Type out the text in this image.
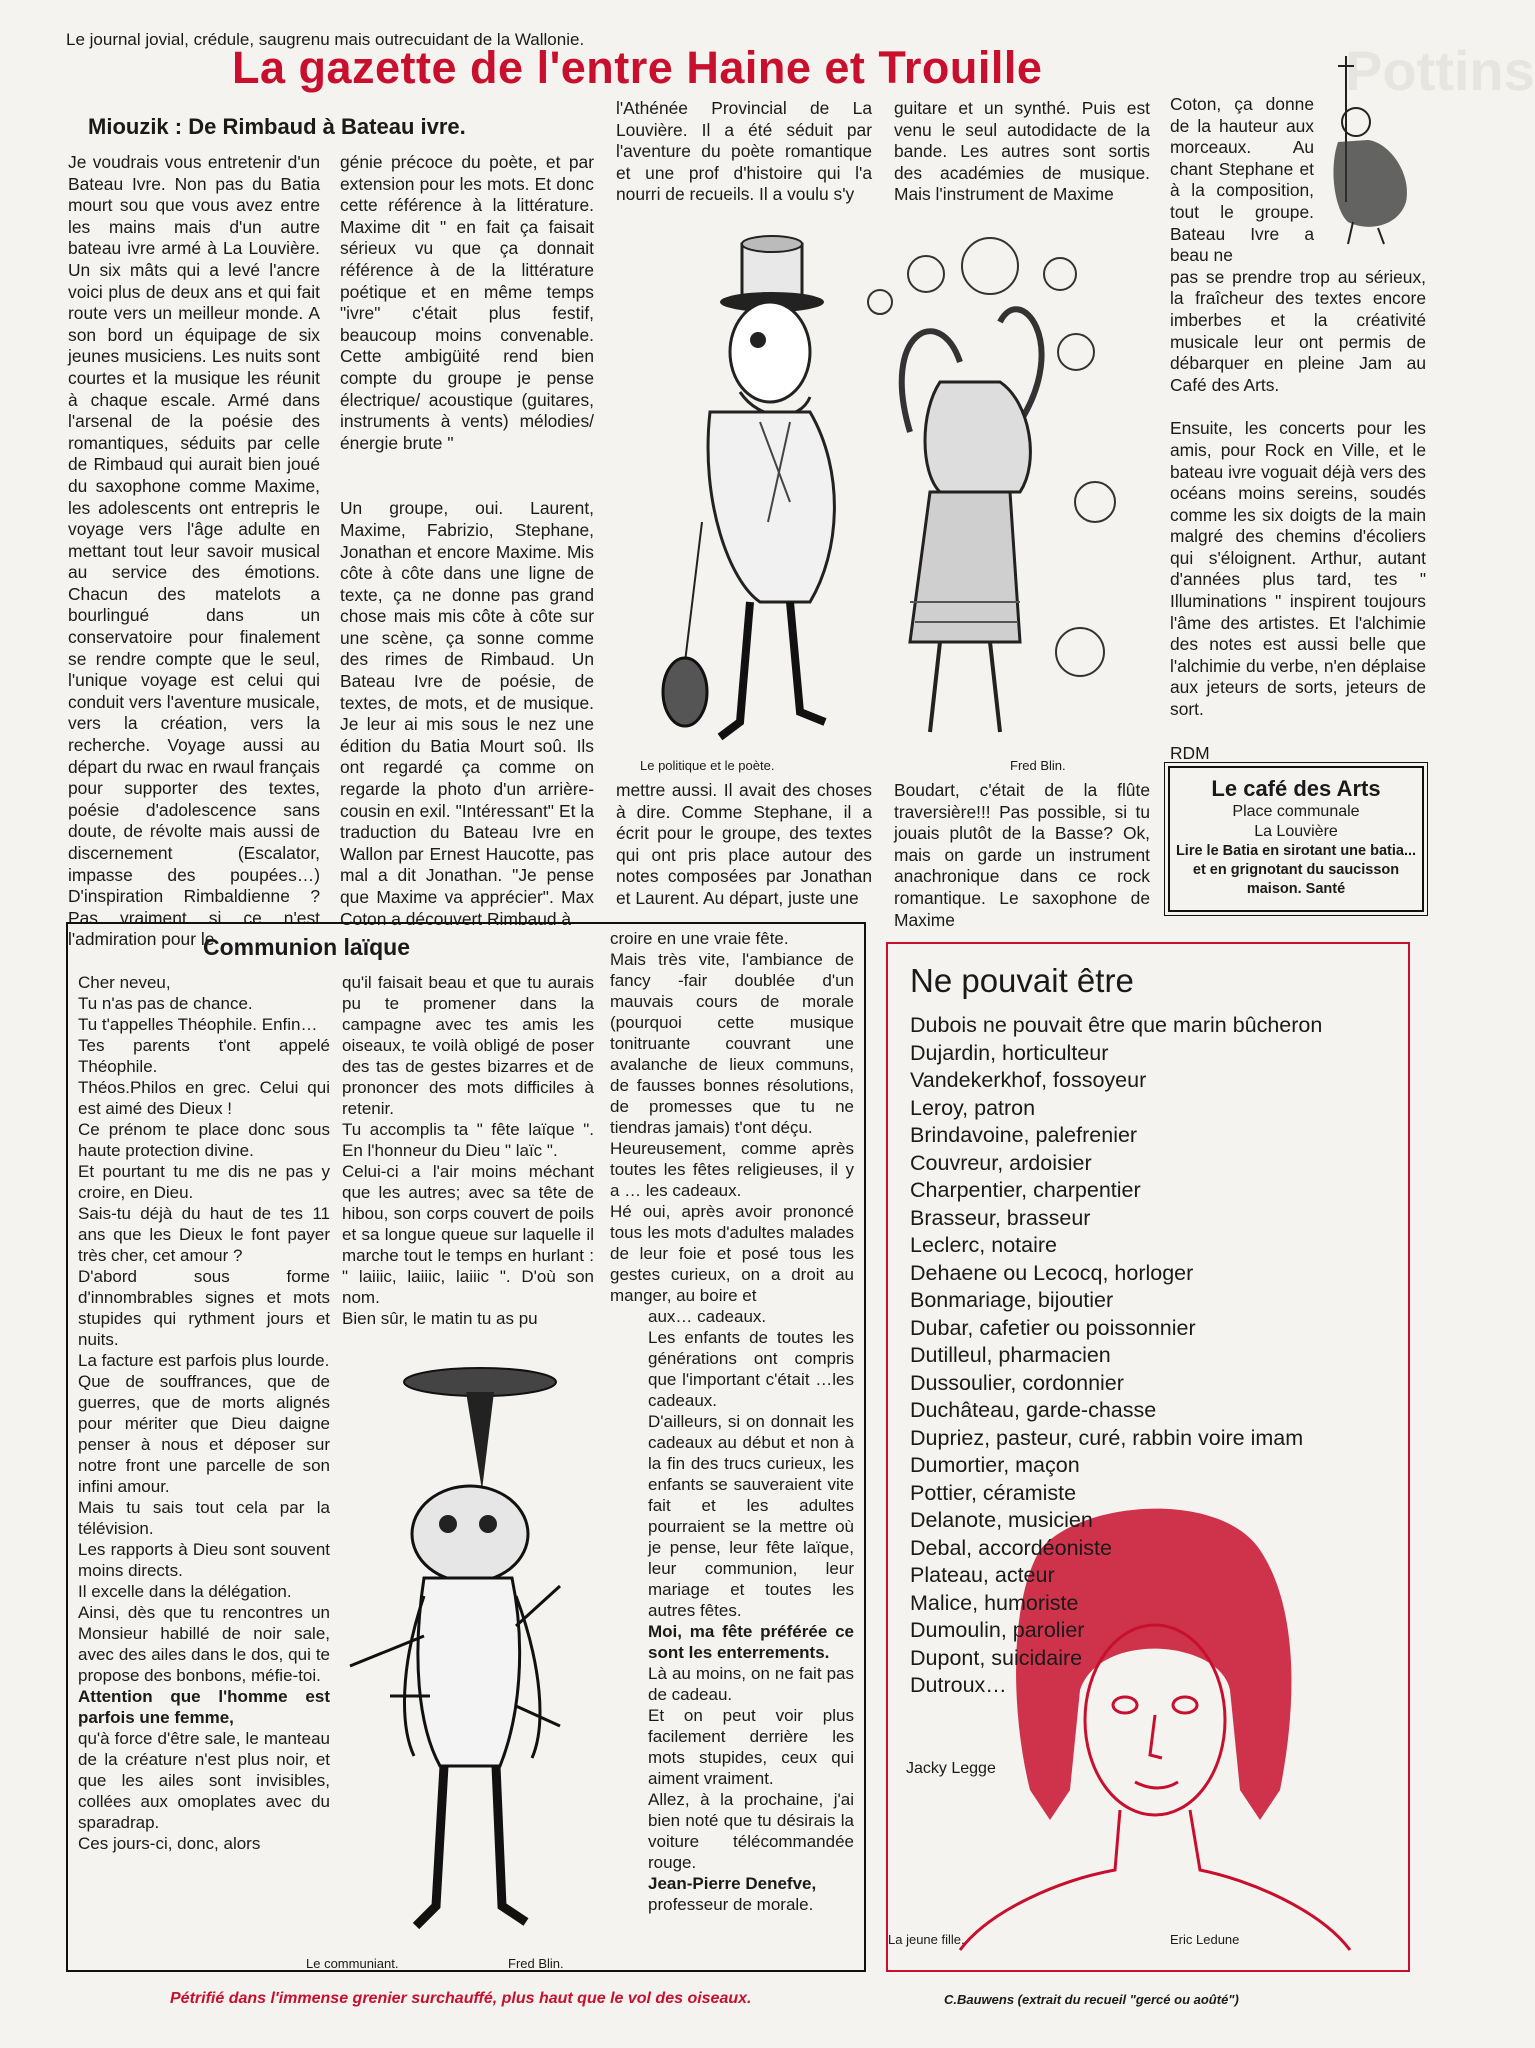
Le journal jovial, crédule, saugrenu mais outrecuidant de la Wallonie.	Pottins
La gazette de l'entre Haine et Trouille
Miouzik : De Rimbaud à Bateau ivre.

Je voudrais vous entretenir d'un Bateau Ivre. Non pas du Batia mourt sou que vous avez entre les mains mais d'un autre bateau ivre armé à La Louvière. Un six mâts qui a levé l'ancre voici plus de deux ans et qui fait route vers un meilleur monde. A son bord un équipage de six jeunes musiciens. Les nuits sont courtes et la musique les réunit à chaque escale. Armé dans l'arsenal de la poésie des romantiques, séduits par celle de Rimbaud qui aurait bien joué du saxophone comme Maxime, les adolescents ont entrepris le voyage vers l'âge adulte en mettant tout leur savoir musical au service des émotions. Chacun des matelots a bourlingué dans un conservatoire pour finalement se rendre compte que le seul, l'unique voyage est celui qui conduit vers l'aventure musicale, vers la création, vers la recherche. Voyage aussi au départ du rwac en rwaul français pour supporter des textes, poésie d'adolescence sans doute, de révolte mais aussi de discernement (Escalator, impasse des poupées…) D'inspiration Rimbaldienne ? Pas vraiment si ce n'est l'admiration pour le

génie précoce du poète, et par extension pour les mots. Et donc cette référence à la littérature. Maxime dit " en fait ça faisait sérieux vu que ça donnait référence à de la littérature poétique et en même temps "ivre" c'était plus festif, beaucoup moins convenable. Cette ambigüité rend bien compte du groupe je pense électrique/ acoustique (guitares, instruments à vents) mélodies/énergie brute "

Un groupe, oui. Laurent, Maxime, Fabrizio, Stephane, Jonathan et encore Maxime. Mis côte à côte dans une ligne de texte, ça ne donne pas grand chose mais mis côte à côte sur une scène, ça sonne comme des rimes de Rimbaud. Un Bateau Ivre de poésie, de textes, de mots, et de musique. Je leur ai mis sous le nez une édition du Batia Mourt soû. Ils ont regardé ça comme on regarde la photo d'un arrière-cousin en exil. "Intéressant" Et la traduction du Bateau Ivre en Wallon par Ernest Haucotte, pas mal a dit Jonathan. "Je pense que Maxime va apprécier". Max Coton a découvert Rimbaud à

l'Athénée Provincial de La Louvière. Il a été séduit par l'aventure du poète romantique et une prof d'histoire qui l'a nourri de recueils. Il a voulu s'y

guitare et un synthé. Puis est venu le seul autodidacte de la bande. Les autres sont sortis des académies de musique. Mais l'instrument de Maxime

Coton, ça donne de la hauteur aux morceaux. Au chant Stephane et à la composition, tout le groupe. Bateau Ivre a beau ne

pas se prendre trop au sérieux, la fraîcheur des textes encore imberbes et la créativité musicale leur ont permis de débarquer en pleine Jam au Café des Arts.

Ensuite, les concerts pour les amis, pour Rock en Ville, et le bateau ivre voguait déjà vers des océans moins sereins, soudés comme les six doigts de la main malgré des chemins d'écoliers qui s'éloignent. Arthur, autant d'années plus tard, tes " Illuminations " inspirent toujours l'âme des artistes. Et l'alchimie des notes est aussi belle que l'alchimie du verbe, n'en déplaise aux jeteurs de sorts, jeteurs de sort.

RDM

Le politique et le poète.	Fred Blin.

mettre aussi. Il avait des choses à dire. Comme Stephane, il a écrit pour le groupe, des textes qui ont pris place autour des notes composées par Jonathan et Laurent. Au départ, juste une

Boudart, c'était de la flûte traversière!!! Pas possible, si tu jouais plutôt de la Basse? Ok, mais on garde un instrument anachronique dans ce rock romantique. Le saxophone de Maxime

Le café des Arts
Place communale
La Louvière
Lire le Batia en sirotant une batia... et en grignotant du saucisson maison. Santé
Communion laïque

Cher neveu,

Tu n'as pas de chance.

Tu t'appelles Théophile. Enfin…

Tes parents t'ont appelé Théophile.

Théos.Philos en grec. Celui qui est aimé des Dieux !

Ce prénom te place donc sous haute protection divine.

Et pourtant tu me dis ne pas y croire, en Dieu.

Sais-tu déjà du haut de tes 11 ans que les Dieux le font payer très cher, cet amour ?

D'abord sous forme d'innombrables signes et mots stupides qui rythment jours et nuits.

La facture est parfois plus lourde.

Que de souffrances, que de guerres, que de morts alignés pour mériter que Dieu daigne penser à nous et déposer sur notre front une parcelle de son infini amour.

Mais tu sais tout cela par la télévision.

Les rapports à Dieu sont souvent moins directs.

Il excelle dans la délégation.

Ainsi, dès que tu rencontres un Monsieur habillé de noir sale, avec des ailes dans le dos, qui te propose des bonbons, méfie-toi.

Attention que l'homme est parfois une femme,

qu'à force d'être sale, le manteau de la créature n'est plus noir, et que les ailes sont invisibles, collées aux omoplates avec du sparadrap.

Ces jours-ci, donc, alors

qu'il faisait beau et que tu aurais pu te promener dans la campagne avec tes amis les oiseaux, te voilà obligé de poser des tas de gestes bizarres et de prononcer des mots difficiles à retenir.

Tu accomplis ta " fête laïque ". En l'honneur du Dieu " laïc ".

Celui-ci a l'air moins méchant que les autres; avec sa tête de hibou, son corps couvert de poils et sa longue queue sur laquelle il marche tout le temps en hurlant : " laiiic, laiiic, laiiic ". D'où son nom.

Bien sûr, le matin tu as pu

Le communiant.	Fred Blin.

croire en une vraie fête.

Mais très vite, l'ambiance de fancy -fair doublée d'un mauvais cours de morale (pourquoi cette musique tonitruante couvrant une avalanche de lieux communs, de fausses bonnes résolutions, de promesses que tu ne tiendras jamais) t'ont déçu.

Heureusement, comme après toutes les fêtes religieuses, il y a … les cadeaux.

Hé oui, après avoir prononcé tous les mots d'adultes malades de leur foie et posé tous les gestes curieux, on a droit au manger, au boire et

aux… cadeaux.

Les enfants de toutes les générations ont compris que l'important c'était …les cadeaux.

D'ailleurs, si on donnait les cadeaux au début et non à la fin des trucs curieux, les enfants se sauveraient vite fait et les adultes pourraient se la mettre où je pense, leur fête laïque, leur communion, leur mariage et toutes les autres fêtes.

Moi, ma fête préférée ce sont les enterrements.

Là au moins, on ne fait pas de cadeau.

Et on peut voir plus facilement derrière les mots stupides, ceux qui aiment vraiment.

Allez, à la prochaine, j'ai bien noté que tu désirais la voiture télécommandée rouge.

Jean-Pierre Denefve,

professeur de morale.

Ne pouvait être
Dubois ne pouvait être que marin bûcheron
Dujardin, horticulteur
Vandekerkhof, fossoyeur
Leroy, patron
Brindavoine, palefrenier
Couvreur, ardoisier
Charpentier, charpentier
Brasseur, brasseur
Leclerc, notaire
Dehaene ou Lecocq, horloger
Bonmariage, bijoutier
Dubar, cafetier ou poissonnier
Dutilleul, pharmacien
Dussoulier, cordonnier
Duchâteau, garde-chasse
Dupriez, pasteur, curé, rabbin voire imam
Dumortier, maçon
Pottier, céramiste
Delanote, musicien
Debal, accordéoniste
Plateau, acteur
Malice, humoriste
Dumoulin, parolier
Dupont, suicidaire
Dutroux…
Jacky Legge
La jeune fille.	Eric Ledune
Pétrifié dans l'immense grenier surchauffé, plus haut que le vol des oiseaux.	C.Bauwens (extrait du recueil "gercé ou aoûté")
